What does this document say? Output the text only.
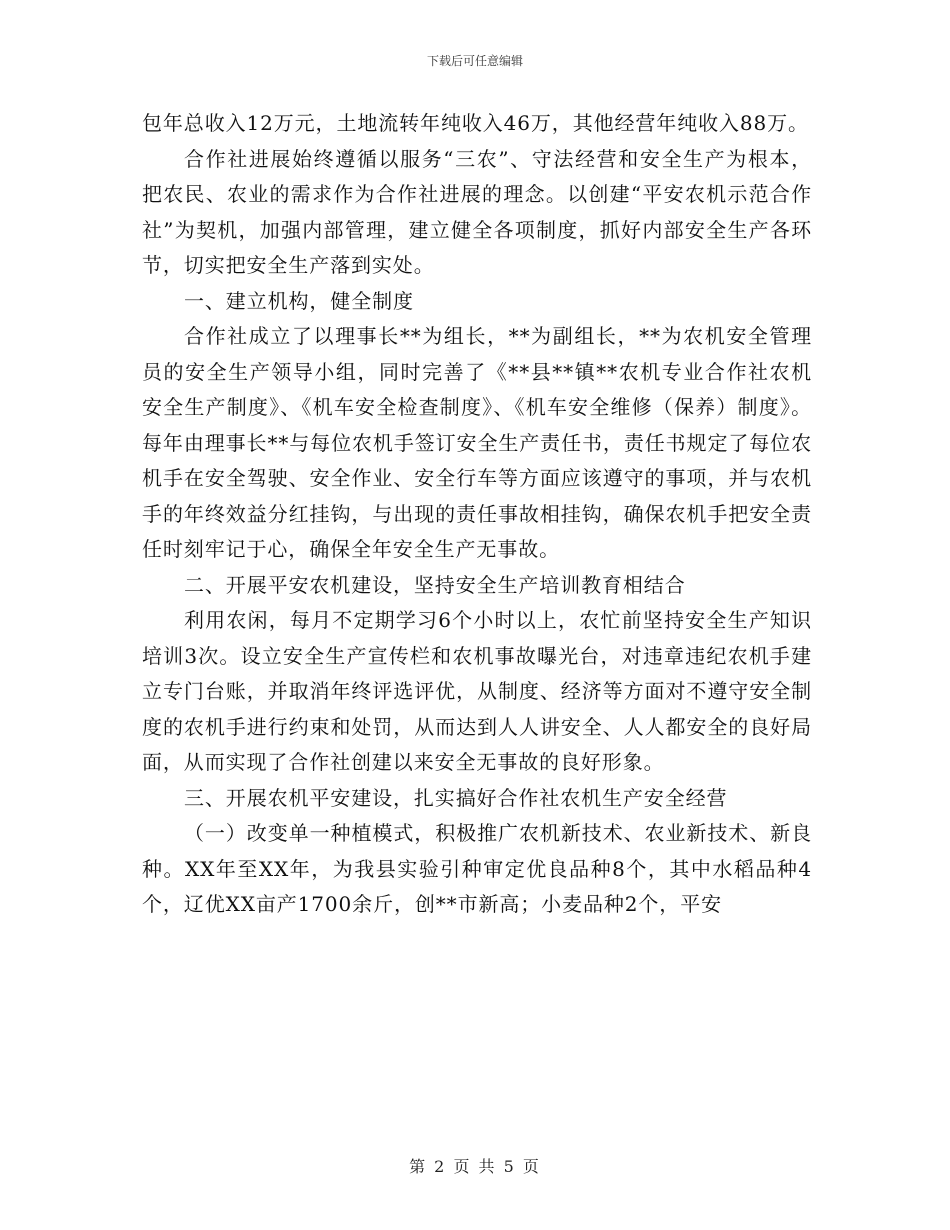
下载后可任意编辑

包年总收入12万元，土地流转年纯收入46万，其他经营年纯收入88万。

合作社进展始终遵循以服务“三农”、守法经营和安全生产为根本，把农民、农业的需求作为合作社进展的理念。以创建“平安农机示范合作社”为契机，加强内部管理，建立健全各项制度，抓好内部安全生产各环节，切实把安全生产落到实处。

一、建立机构，健全制度

合作社成立了以理事长**为组长，**为副组长，**为农机安全管理员的安全生产领导小组，同时完善了《**县**镇**农机专业合作社农机安全生产制度》、《机车安全检查制度》、《机车安全维修（保养）制度》。每年由理事长**与每位农机手签订安全生产责任书，责任书规定了每位农机手在安全驾驶、安全作业、安全行车等方面应该遵守的事项，并与农机手的年终效益分红挂钩，与出现的责任事故相挂钩，确保农机手把安全责任时刻牢记于心，确保全年安全生产无事故。

二、开展平安农机建设，坚持安全生产培训教育相结合

利用农闲，每月不定期学习6个小时以上，农忙前坚持安全生产知识培训3次。设立安全生产宣传栏和农机事故曝光台，对违章违纪农机手建立专门台账，并取消年终评选评优，从制度、经济等方面对不遵守安全制度的农机手进行约束和处罚，从而达到人人讲安全、人人都安全的良好局面，从而实现了合作社创建以来安全无事故的良好形象。

三、开展农机平安建设，扎实搞好合作社农机生产安全经营

（一）改变单一种植模式，积极推广农机新技术、农业新技术、新良种。XX年至XX年，为我县实验引种审定优良品种8个，其中水稻品种4个，辽优XX亩产1700余斤，创**市新高；小麦品种2个，平安

第 2 页 共 5 页
